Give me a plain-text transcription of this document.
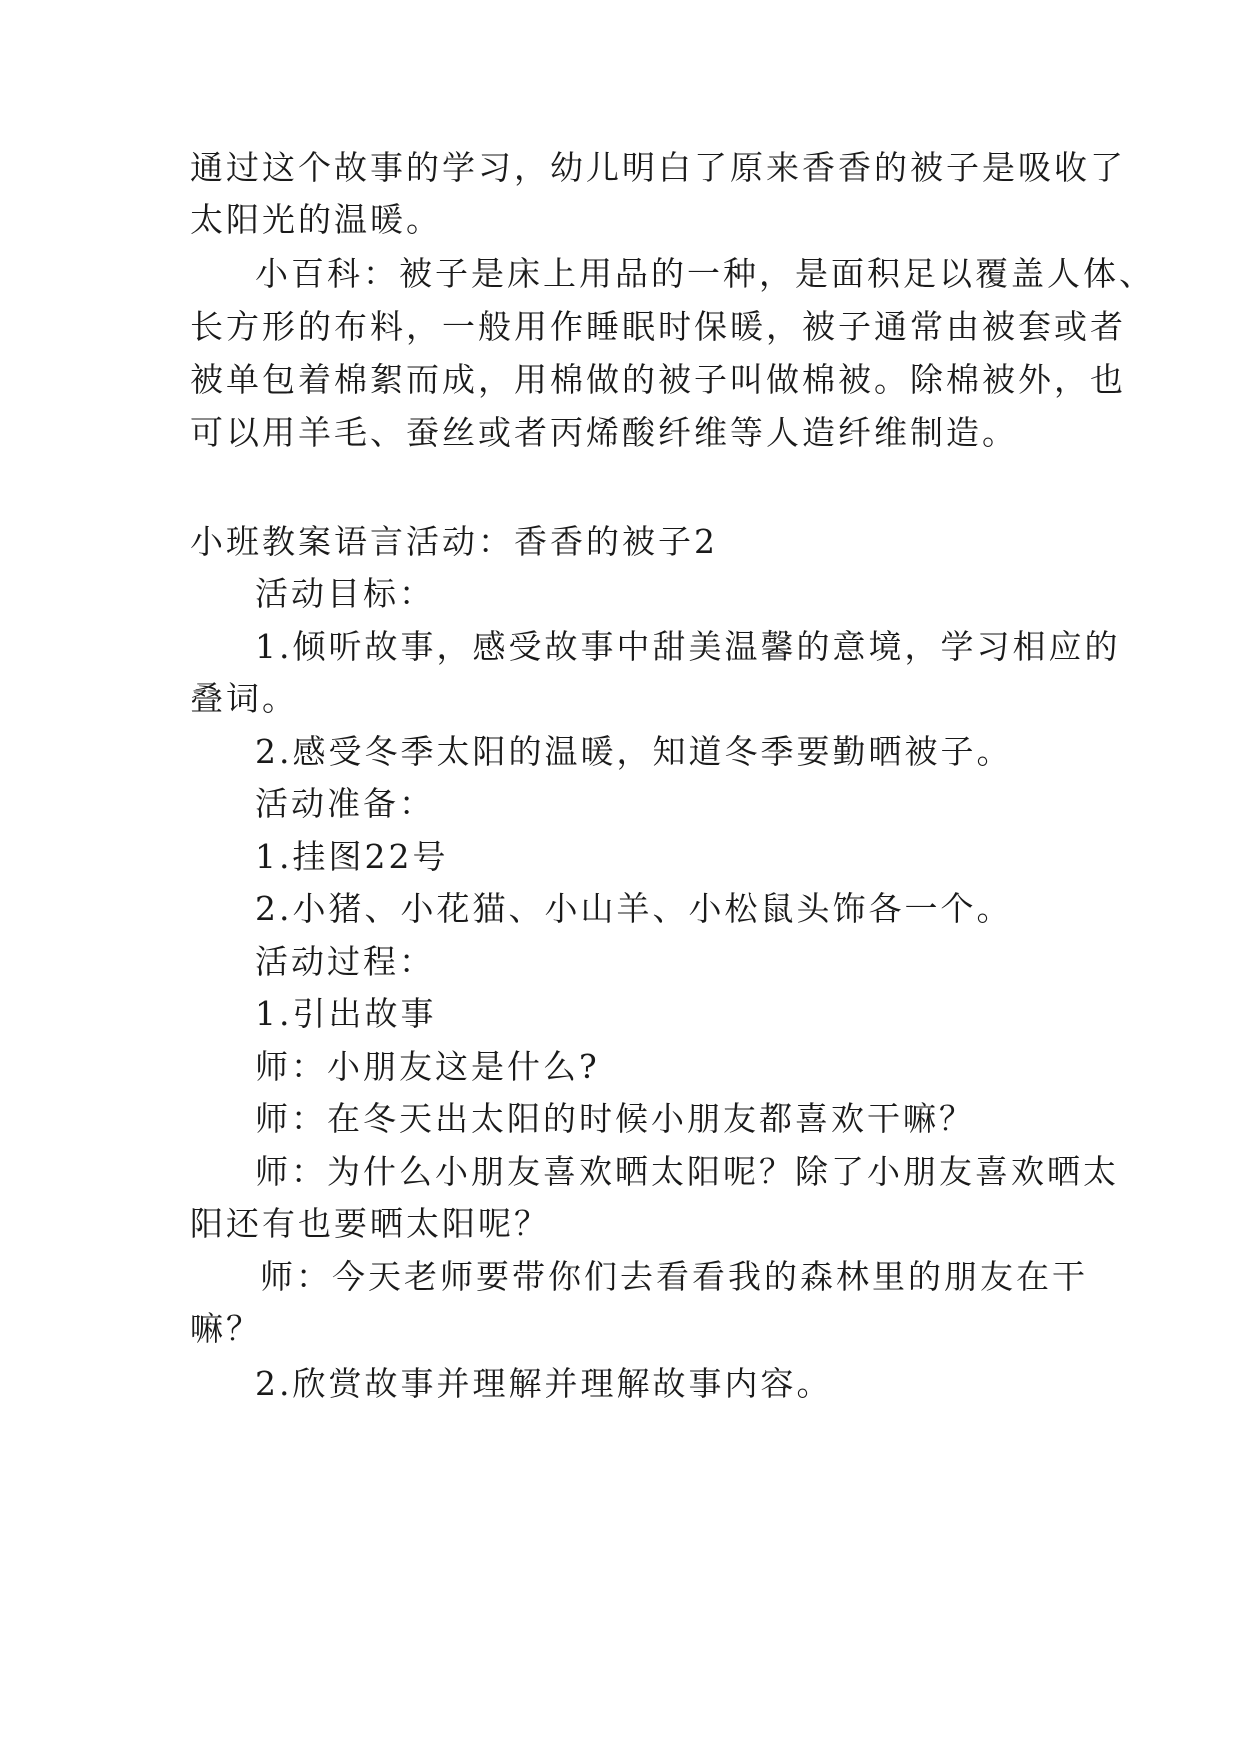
通过这个故事的学习，幼儿明白了原来香香的被子是吸收了
太阳光的温暖。
小百科：被子是床上用品的一种，是面积足以覆盖人体、
长方形的布料，一般用作睡眠时保暖，被子通常由被套或者
被单包着棉絮而成，用棉做的被子叫做棉被。除棉被外，也
可以用羊毛、蚕丝或者丙烯酸纤维等人造纤维制造。
小班教案语言活动：香香的被子2
活动目标：
1.倾听故事，感受故事中甜美温馨的意境，学习相应的
叠词。
2.感受冬季太阳的温暖，知道冬季要勤晒被子。
活动准备：
1.挂图22号
2.小猪、小花猫、小山羊、小松鼠头饰各一个。
活动过程：
1.引出故事
师：小朋友这是什么?
师：在冬天出太阳的时候小朋友都喜欢干嘛？
师：为什么小朋友喜欢晒太阳呢？除了小朋友喜欢晒太
阳还有也要晒太阳呢？
师：今天老师要带你们去看看我的森林里的朋友在干
嘛？
2.欣赏故事并理解并理解故事内容。
